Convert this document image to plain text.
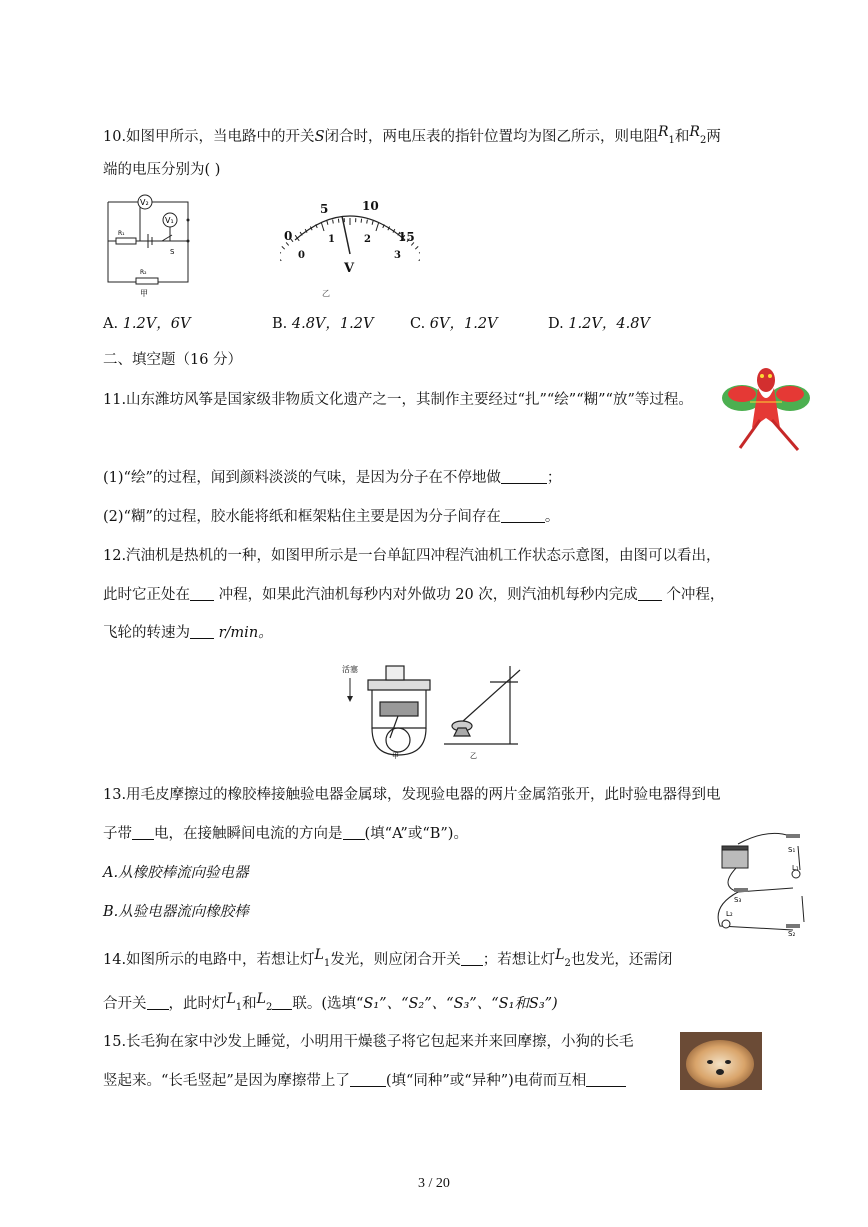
10.如图甲所示，当电路中的开关S闭合时，两电压表的指针位置均为图乙所示，则电阻$R_1$和$R_2$两
端的电压分别为( )
V₂
V₁
R₁
R₂
S
甲
0
5	10
15
0
1	2
3
V
乙
A. 1.2V，6V	B. 4.8V，1.2V	C. 6V，1.2V	D. 1.2V，4.8V
二、填空题（16 分）
11.山东潍坊风筝是国家级非物质文化遗产之一，其制作主要经过“扎”“绘”“糊”“放”等过程。
(1)“绘”的过程，闻到颜料淡淡的气味，是因为分子在不停地做	；
(2)“糊”的过程，胶水能将纸和框架粘住主要是因为分子间存在	。
12.汽油机是热机的一种，如图甲所示是一台单缸四冲程汽油机工作状态示意图，由图可以看出，
此时它正处在 冲程，如果此汽油机每秒内对外做功 20 次，则汽油机每秒内完成 个冲程，
飞轮的转速为 r/min。
活塞
甲	乙
13.用毛皮摩擦过的橡胶棒接触验电器金属球，发现验电器的两片金属箔张开，此时验电器得到电
子带 电，在接触瞬间电流的方向是 (填“A”或“B”)。
A.从橡胶棒流向验电器
B.从验电器流向橡胶棒
S₁
L₁
S₃
L₂
S₂
14.如图所示的电路中，若想让灯$L_1$发光，则应闭合开关 ；若想让灯$L_2$也发光，还需闭
合开关 ，此时灯$L_1$和$L_2$ 联。(选填“S₁”、“S₂”、“S₃”、“S₁和S₃”)
15.长毛狗在家中沙发上睡觉，小明用干燥毯子将它包起来并来回摩擦，小狗的长毛
竖起来。“长毛竖起”是因为摩擦带上了 (填“同种”或“异种”)电荷而互相
3 / 20
